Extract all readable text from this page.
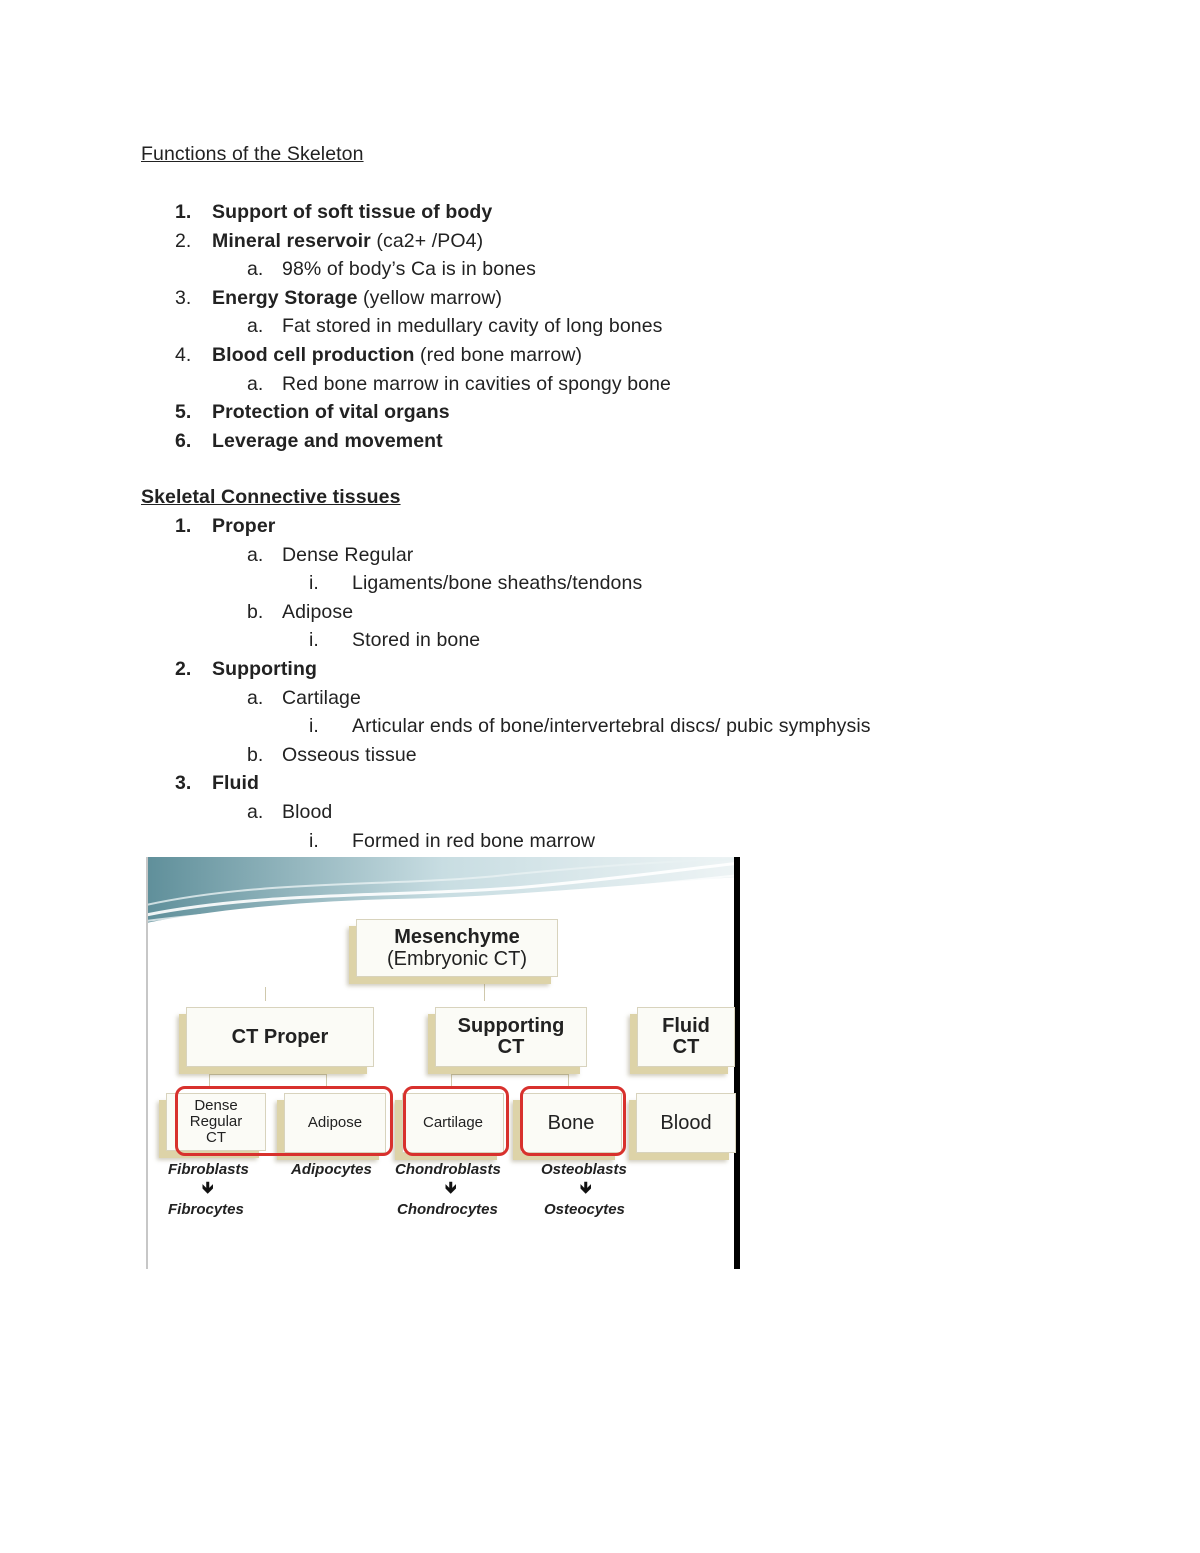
Functions of the Skeleton
1. Support of soft tissue of body
2. Mineral reservoir (ca2+ /PO4)
a. 98% of body’s Ca is in bones
3. Energy Storage (yellow marrow)
a. Fat stored in medullary cavity of long bones
4. Blood cell production (red bone marrow)
a. Red bone marrow in cavities of spongy bone
5. Protection of vital organs
6. Leverage and movement
Skeletal Connective tissues
1. Proper
a. Dense Regular
i. Ligaments/bone sheaths/tendons
b. Adipose
i. Stored in bone
2. Supporting
a. Cartilage
i. Articular ends of bone/intervertebral discs/ pubic symphysis
b. Osseous tissue
3. Fluid
a. Blood
i. Formed in red bone marrow
Mesenchyme
(Embryonic CT)
CT Proper	Supporting
CT
Fluid
CT
Dense Regular CT
Adipose	Cartilage	Bone	Blood
Fibroblasts
🡻
Fibrocytes
Adipocytes Chondroblasts
🡻
Chondrocytes
Osteoblasts
🡻
Osteocytes
